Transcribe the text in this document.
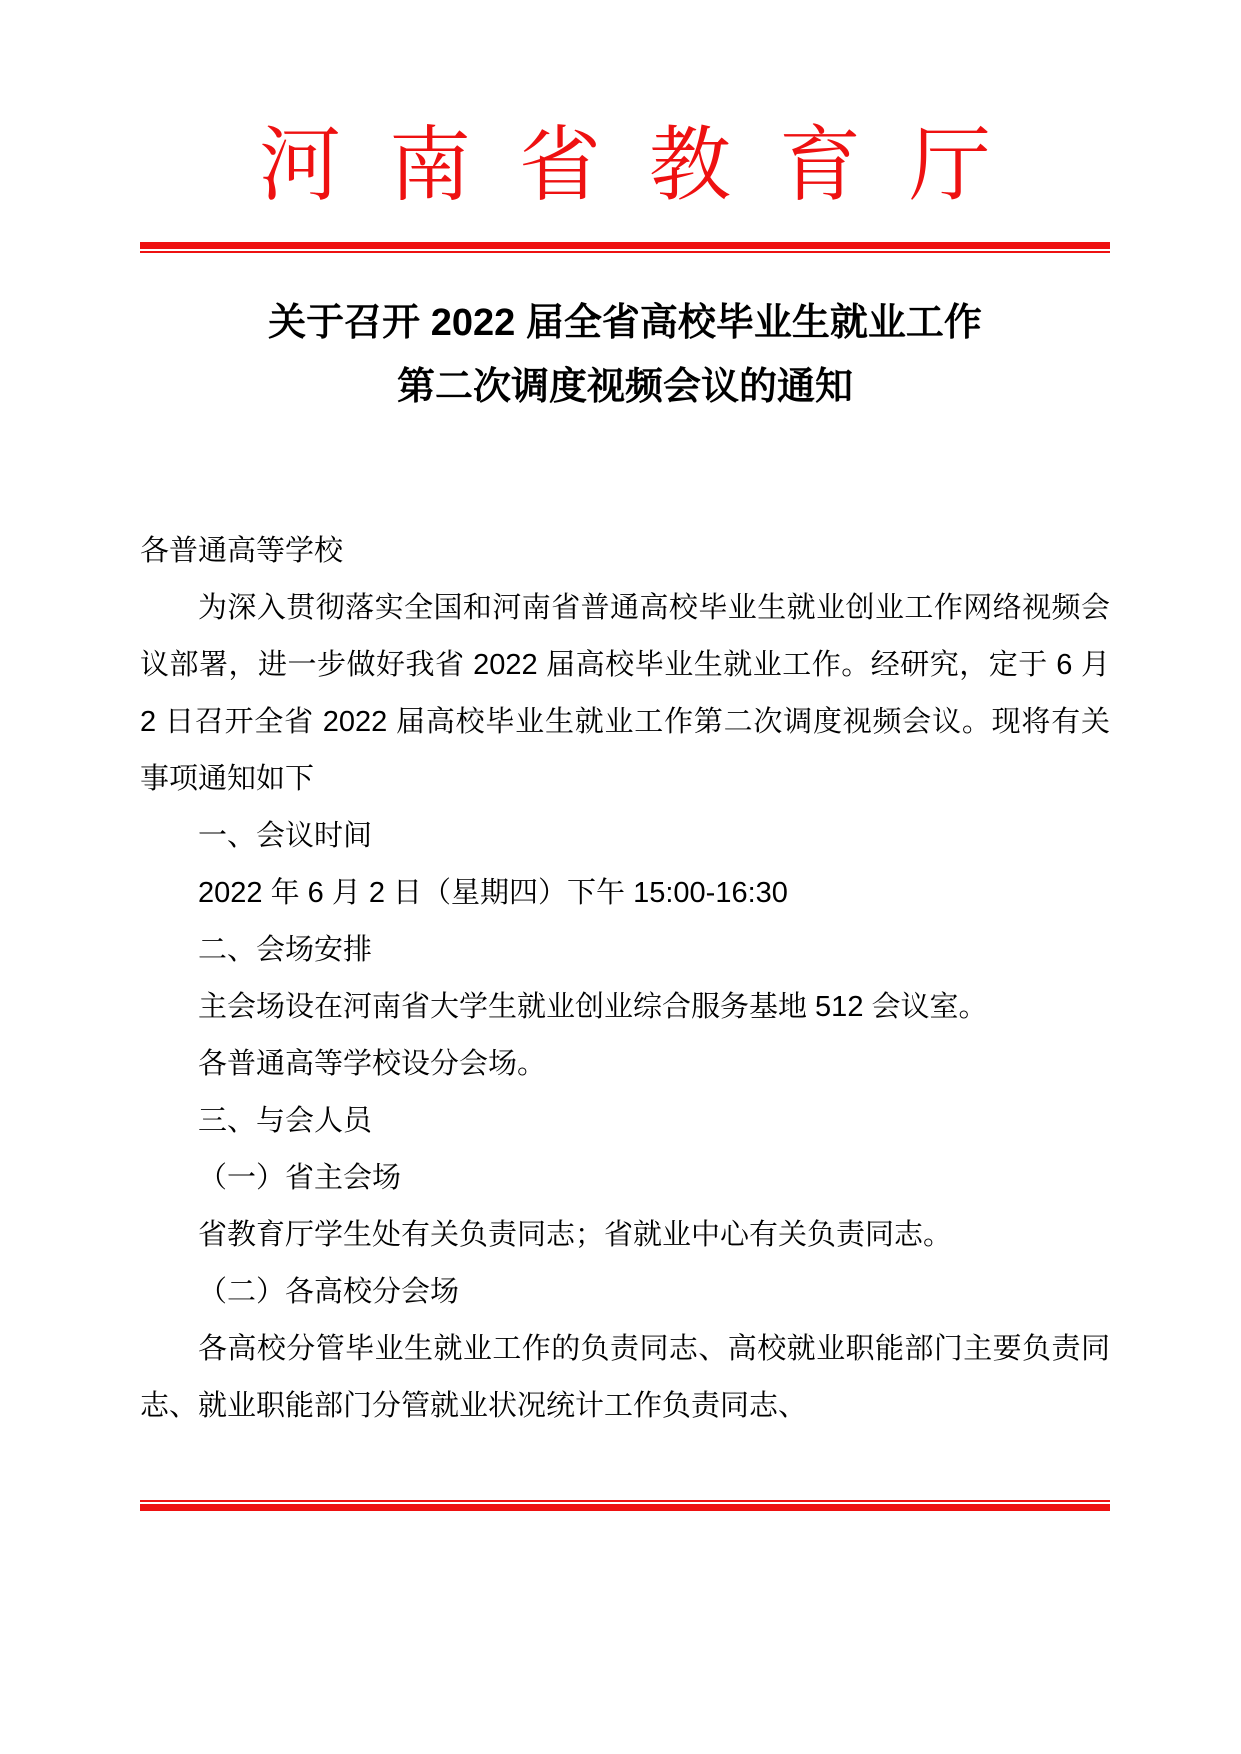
河南省教育厅
关于召开 2022 届全省高校毕业生就业工作
第二次调度视频会议的通知

各普通高等学校

为深入贯彻落实全国和河南省普通高校毕业生就业创业工作网络视频会议部署，进一步做好我省 2022 届高校毕业生就业工作。经研究，定于 6 月 2 日召开全省 2022 届高校毕业生就业工作第二次调度视频会议。现将有关事项通知如下

一、会议时间

2022 年 6 月 2 日（星期四）下午 15:00-16:30

二、会场安排

主会场设在河南省大学生就业创业综合服务基地 512 会议室。

各普通高等学校设分会场。

三、与会人员

（一）省主会场

省教育厅学生处有关负责同志；省就业中心有关负责同志。

（二）各高校分会场

各高校分管毕业生就业工作的负责同志、高校就业职能部门主要负责同志、就业职能部门分管就业状况统计工作负责同志、
